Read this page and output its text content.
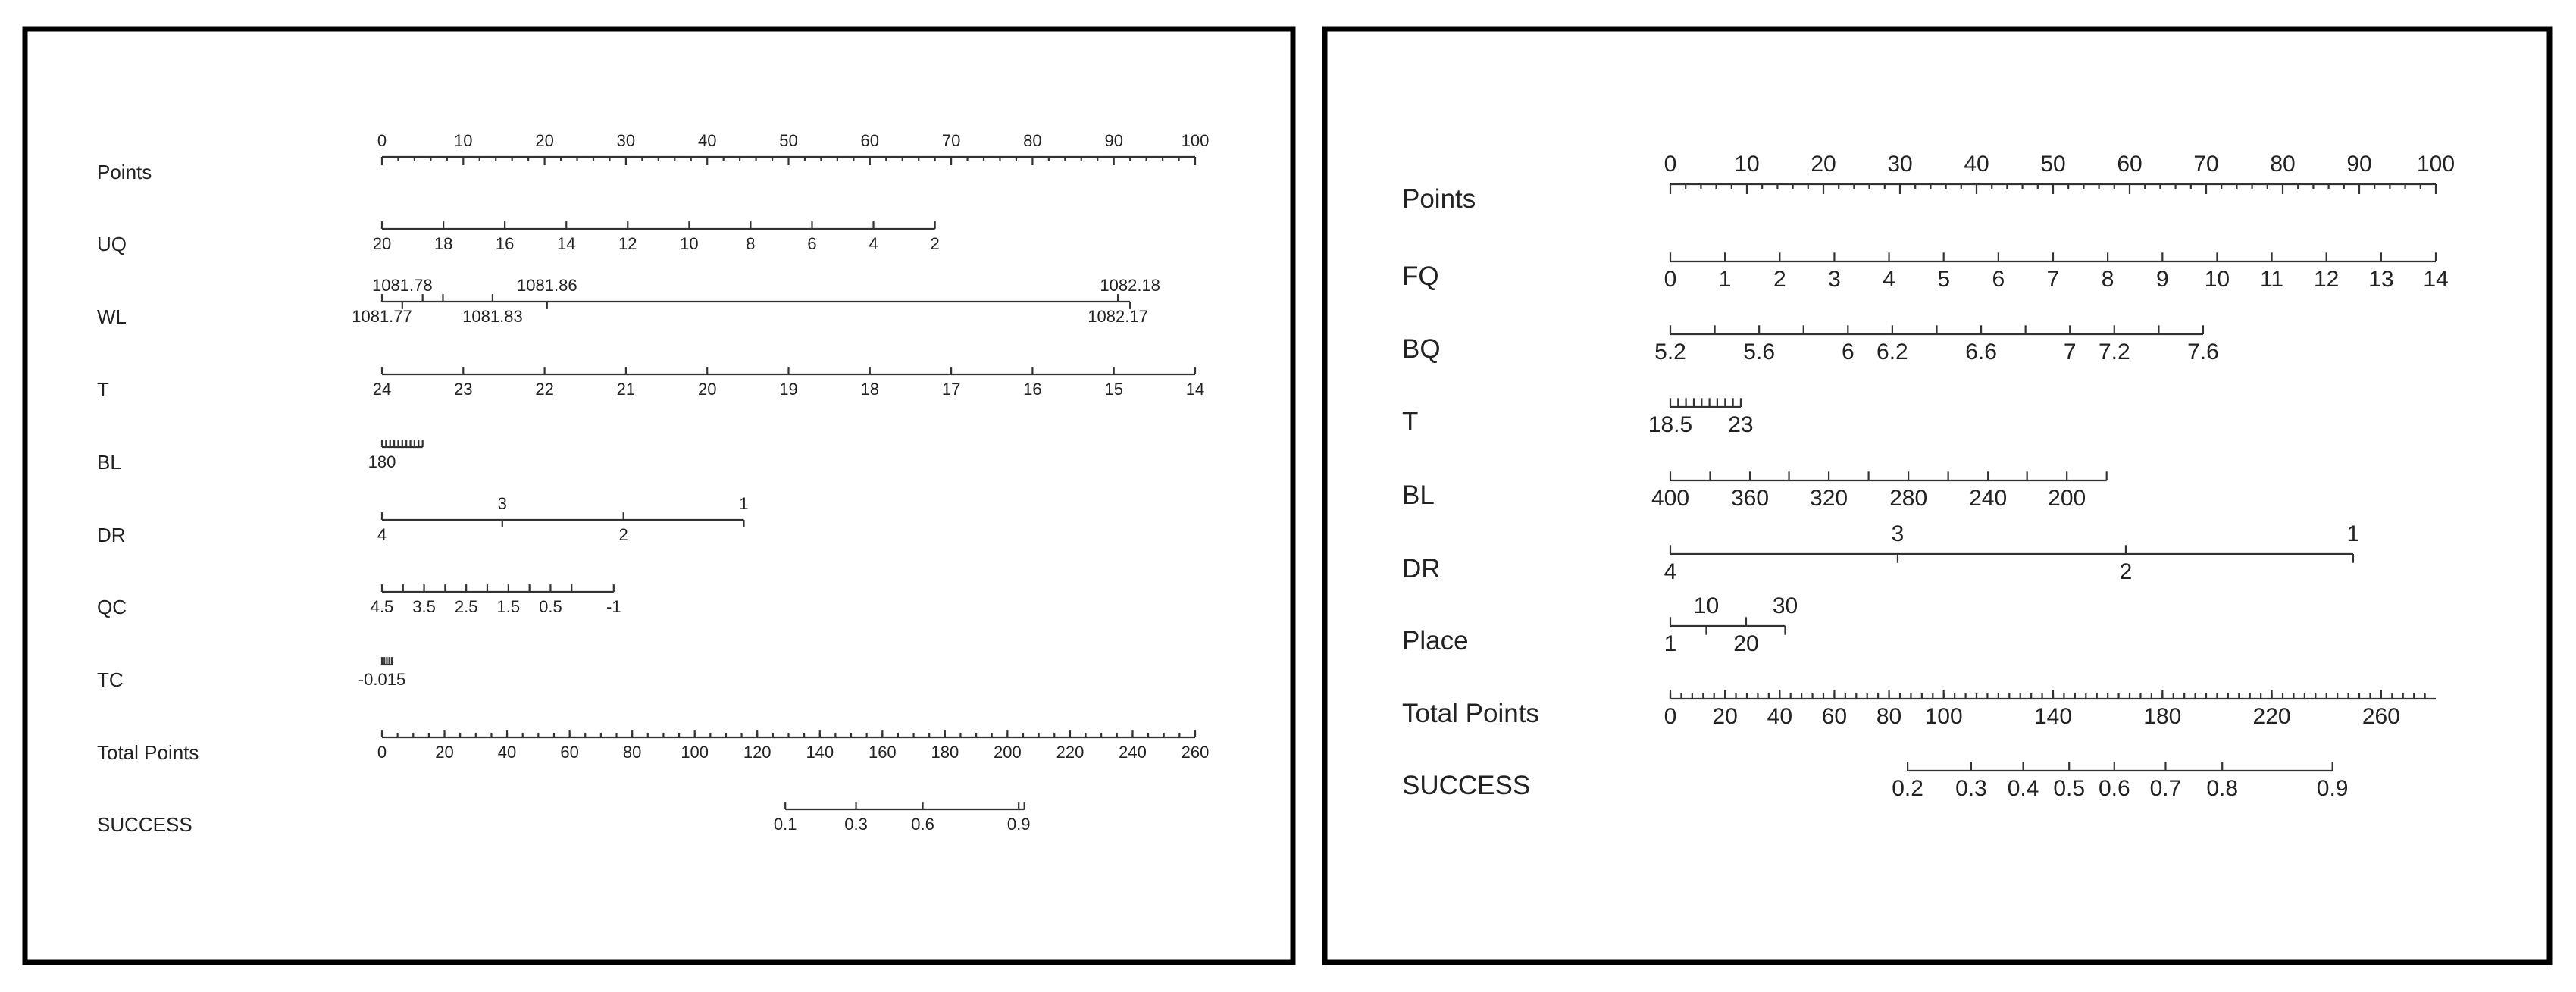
Points
0	10	20	30	40	50	60	70	80	90	100
UQ	20	18	16	14	12	10	8	6	4	2
WL	1081.77
1081.78
1081.83
1081.86
1082.17
1082.18
T	24	23	22	21	20	19	18	17	16	15	14
BL	180
DR	4
3
2
1
QC	4.5 3.5 2.5 1.5 0.5	-1
TC	-0.015
Total Points	0	20	40	60	80 100 120 140 160 180 200 220 240 260
SUCCESS	0.1	0.3	0.6	0.9
Points
0	10 20 30 40 50 60 70 80 90 100
FQ	0 1 2 3 4 5 6 7 8 9 10 11 12 13 14
BQ	5.2	5.6	6 6.2	6.6	7 7.2	7.6
T	18.5 23
BL	400 360 320 280 240 200
DR	4
3
2
1
Place	1
10
20
30
Total Points	0 20 40 60 80 100	140	180	220	260
SUCCESS	0.2 0.3 0.4 0.5 0.6 0.7 0.8	0.9
